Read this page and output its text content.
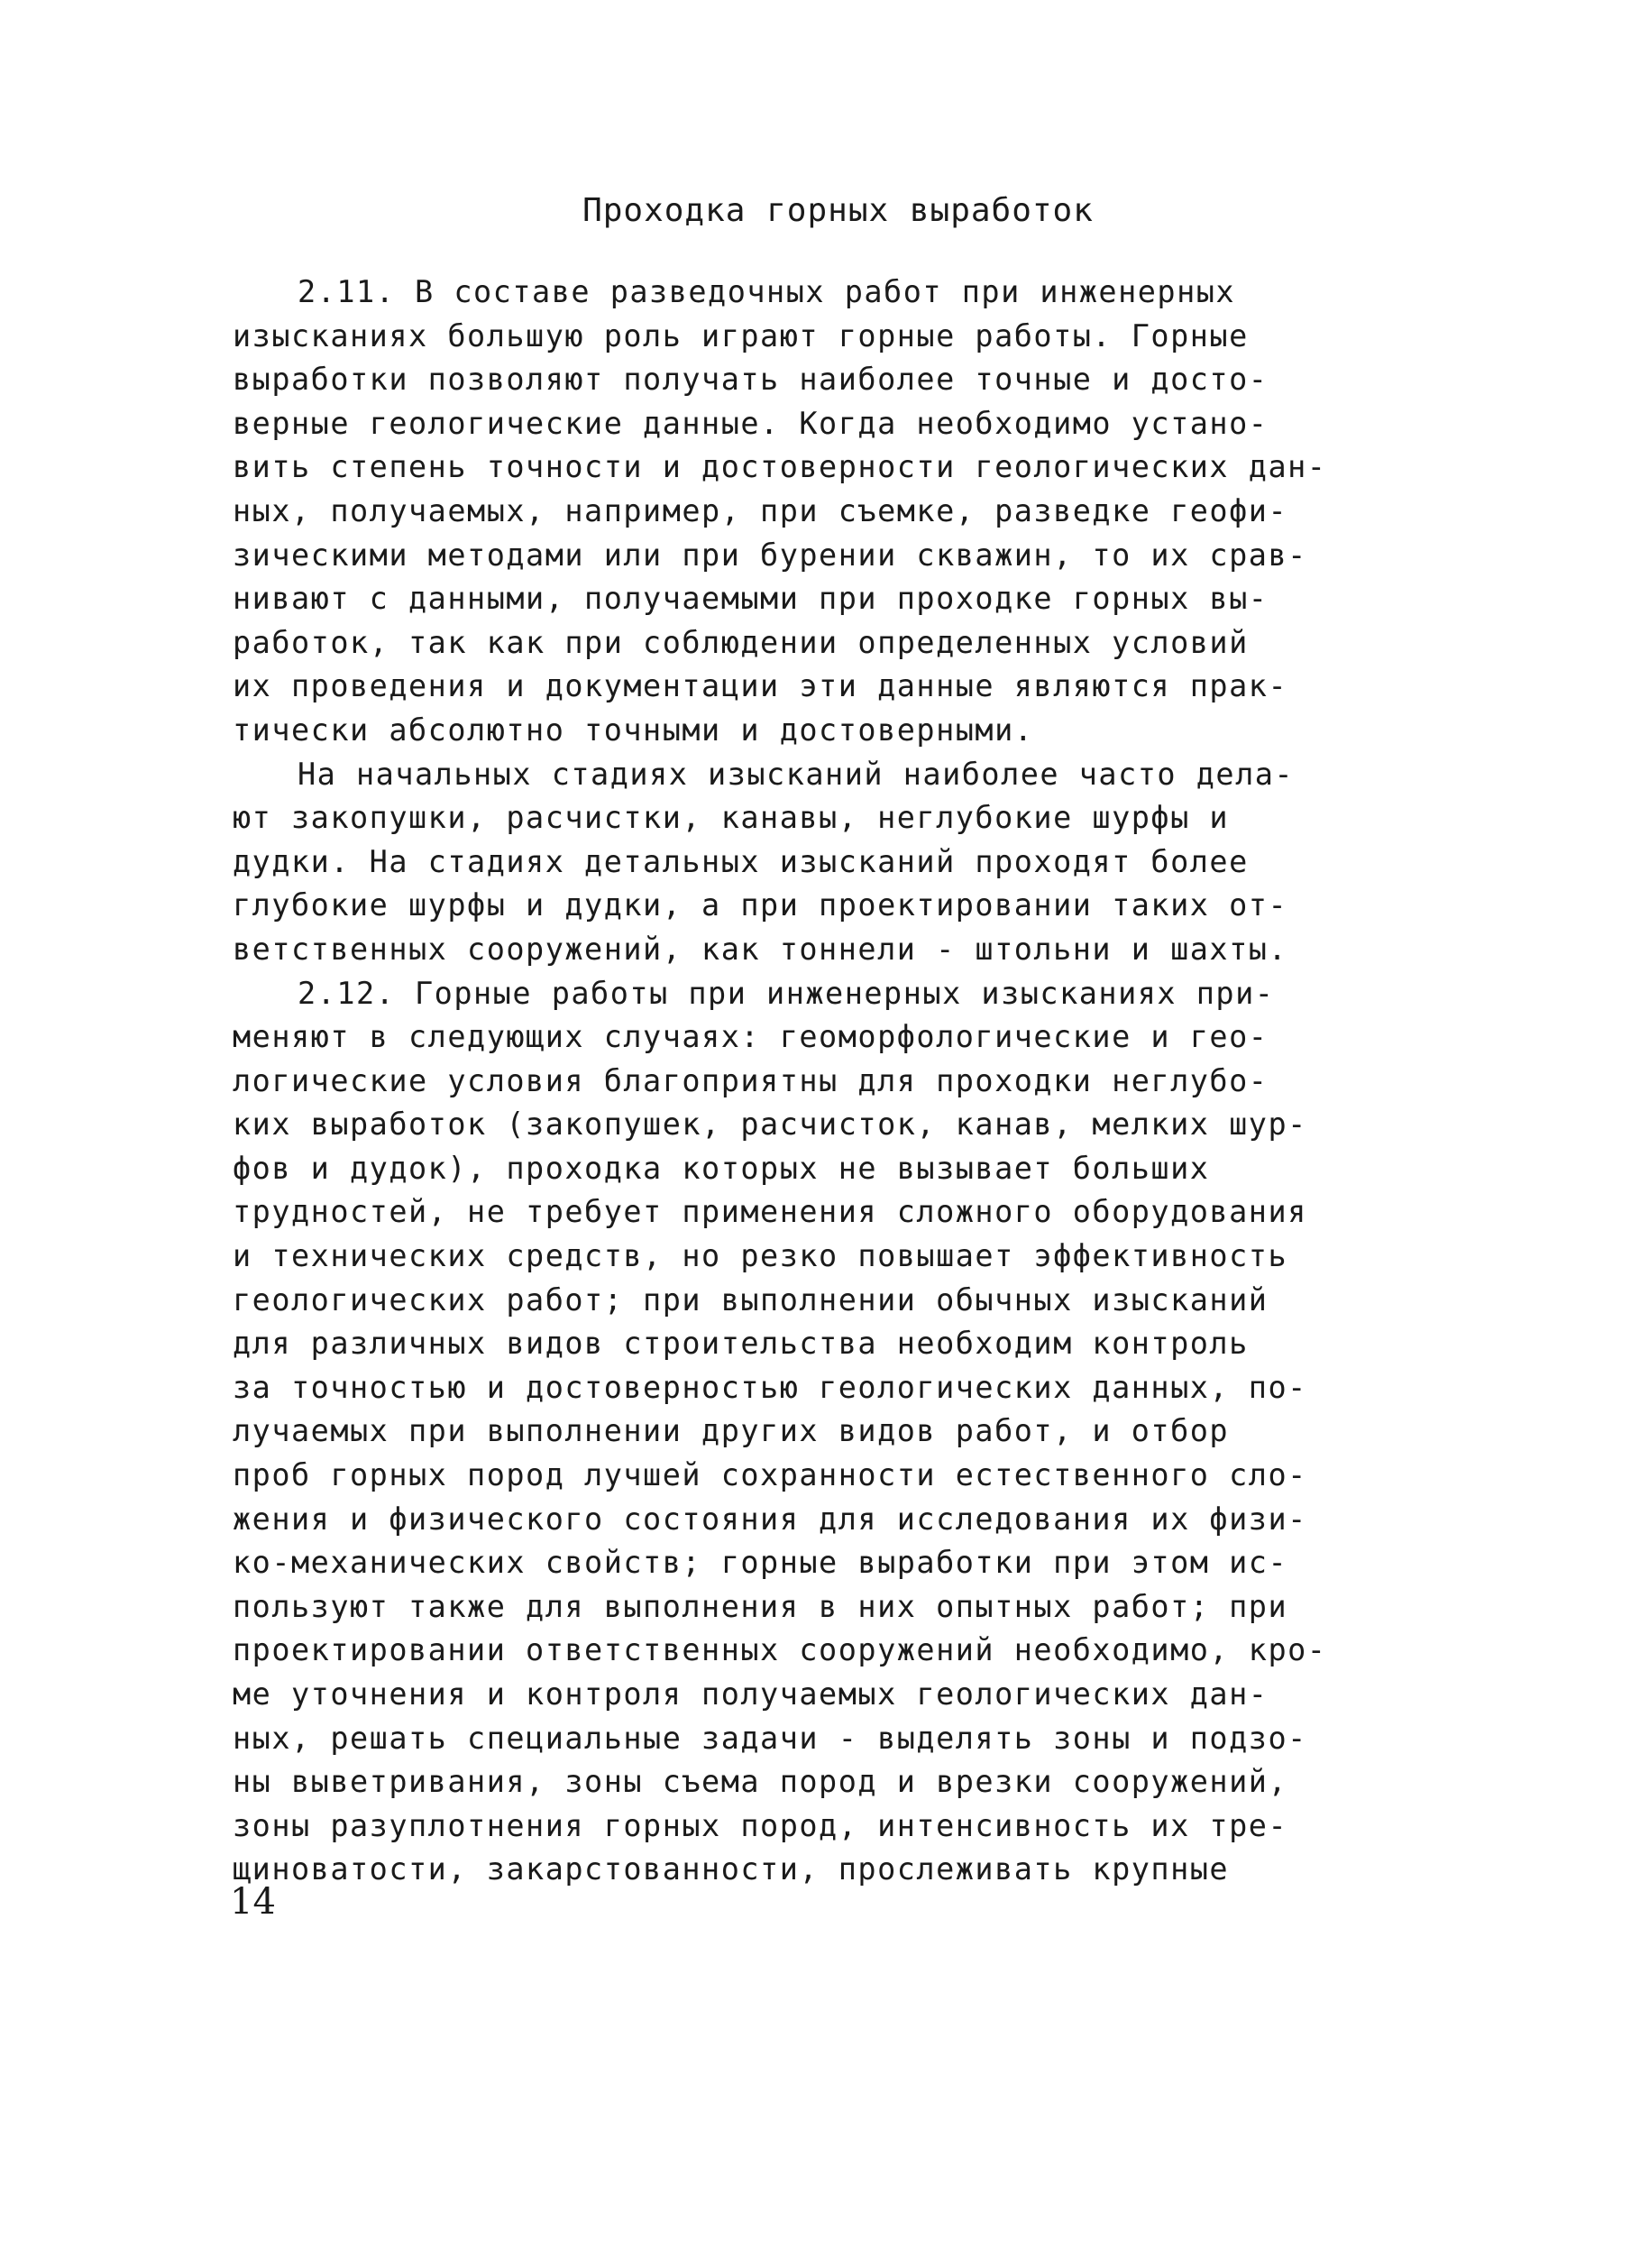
Проходка горных выработок
2.11. В составе разведочных работ при инженерных
изысканиях большую роль играют горные работы. Горные
выработки позволяют получать наиболее точные и досто-
верные геологические данные. Когда необходимо устано-
вить степень точности и достоверности геологических дан-
ных, получаемых, например, при съемке, разведке геофи-
зическими методами или при бурении скважин, то их срав-
нивают с данными, получаемыми при проходке горных вы-
работок, так как при соблюдении определенных условий
их проведения и документации эти данные являются прак-
тически абсолютно точными и достоверными.
На начальных стадиях изысканий наиболее часто дела-
ют закопушки, расчистки, канавы, неглубокие шурфы и
дудки. На стадиях детальных изысканий проходят более
глубокие шурфы и дудки, а при проектировании таких от-
ветственных сооружений, как тоннели - штольни и шахты.
2.12. Горные работы при инженерных изысканиях при-
меняют в следующих случаях: геоморфологические и гео-
логические условия благоприятны для проходки неглубо-
ких выработок (закопушек, расчисток, канав, мелких шур-
фов и дудок), проходка которых не вызывает больших
трудностей, не требует применения сложного оборудования
и технических средств, но резко повышает эффективность
геологических работ; при выполнении обычных изысканий
для различных видов строительства необходим контроль
за точностью и достоверностью геологических данных, по-
лучаемых при выполнении других видов работ, и отбор
проб горных пород лучшей сохранности естественного сло-
жения и физического состояния для исследования их физи-
ко-механических свойств; горные выработки при этом ис-
пользуют также для выполнения в них опытных работ; при
проектировании ответственных сооружений необходимо, кро-
ме уточнения и контроля получаемых геологических дан-
ных, решать специальные задачи - выделять зоны и подзо-
ны выветривания, зоны съема пород и врезки сооружений,
зоны разуплотнения горных пород, интенсивность их тре-
щиноватости, закарстованности, прослеживать крупные
14
